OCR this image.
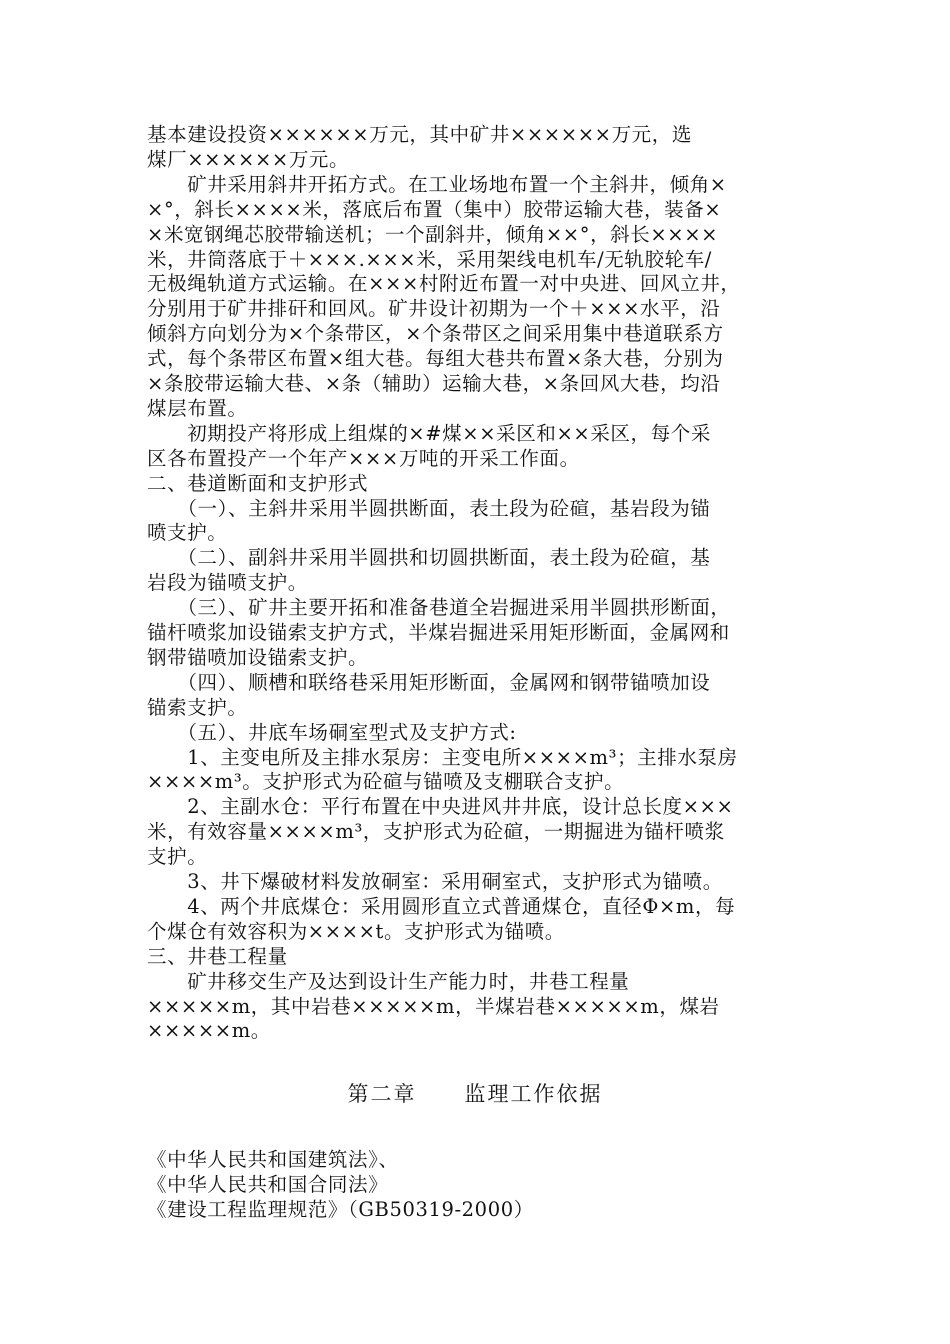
基本建设投资××××××万元，其中矿井××××××万元，选
煤厂××××××万元。
　　矿井采用斜井开拓方式。在工业场地布置一个主斜井，倾角×
×°，斜长××××米，落底后布置（集中）胶带运输大巷，装备×
×米宽钢绳芯胶带输送机；一个副斜井，倾角××°，斜长××××
米，井筒落底于＋×××.×××米，采用架线电机车/无轨胶轮车/
无极绳轨道方式运输。在×××村附近布置一对中央进、回风立井，
分别用于矿井排矸和回风。矿井设计初期为一个＋×××水平，沿
倾斜方向划分为×个条带区，×个条带区之间采用集中巷道联系方
式，每个条带区布置×组大巷。每组大巷共布置×条大巷，分别为
×条胶带运输大巷、×条（辅助）运输大巷，×条回风大巷，均沿
煤层布置。
　　初期投产将形成上组煤的×#煤××采区和××采区，每个采
区各布置投产一个年产×××万吨的开采工作面。
二、巷道断面和支护形式
　　（一）、主斜井采用半圆拱断面，表土段为砼碹，基岩段为锚
喷支护。
　　（二）、副斜井采用半圆拱和切圆拱断面，表土段为砼碹，基
岩段为锚喷支护。
　　（三）、矿井主要开拓和准备巷道全岩掘进采用半圆拱形断面，
锚杆喷浆加设锚索支护方式，半煤岩掘进采用矩形断面，金属网和
钢带锚喷加设锚索支护。
　　（四）、顺槽和联络巷采用矩形断面，金属网和钢带锚喷加设
锚索支护。
　　（五）、井底车场硐室型式及支护方式:
　　1、主变电所及主排水泵房：主变电所××××m³；主排水泵房
××××m³。支护形式为砼碹与锚喷及支棚联合支护。
　　2、主副水仓：平行布置在中央进风井井底，设计总长度×××
米，有效容量××××m³，支护形式为砼碹，一期掘进为锚杆喷浆
支护。
　　3、井下爆破材料发放硐室：采用硐室式，支护形式为锚喷。
　　4、两个井底煤仓：采用圆形直立式普通煤仓，直径Φ×m，每
个煤仓有效容积为××××t。支护形式为锚喷。
三、井巷工程量
　　矿井移交生产及达到设计生产能力时，井巷工程量
×××××m，其中岩巷×××××m，半煤岩巷×××××m，煤岩
×××××m。
第二章 监理工作依据
《中华人民共和国建筑法》、
《中华人民共和国合同法》
《建设工程监理规范》（GB50319-2000）
